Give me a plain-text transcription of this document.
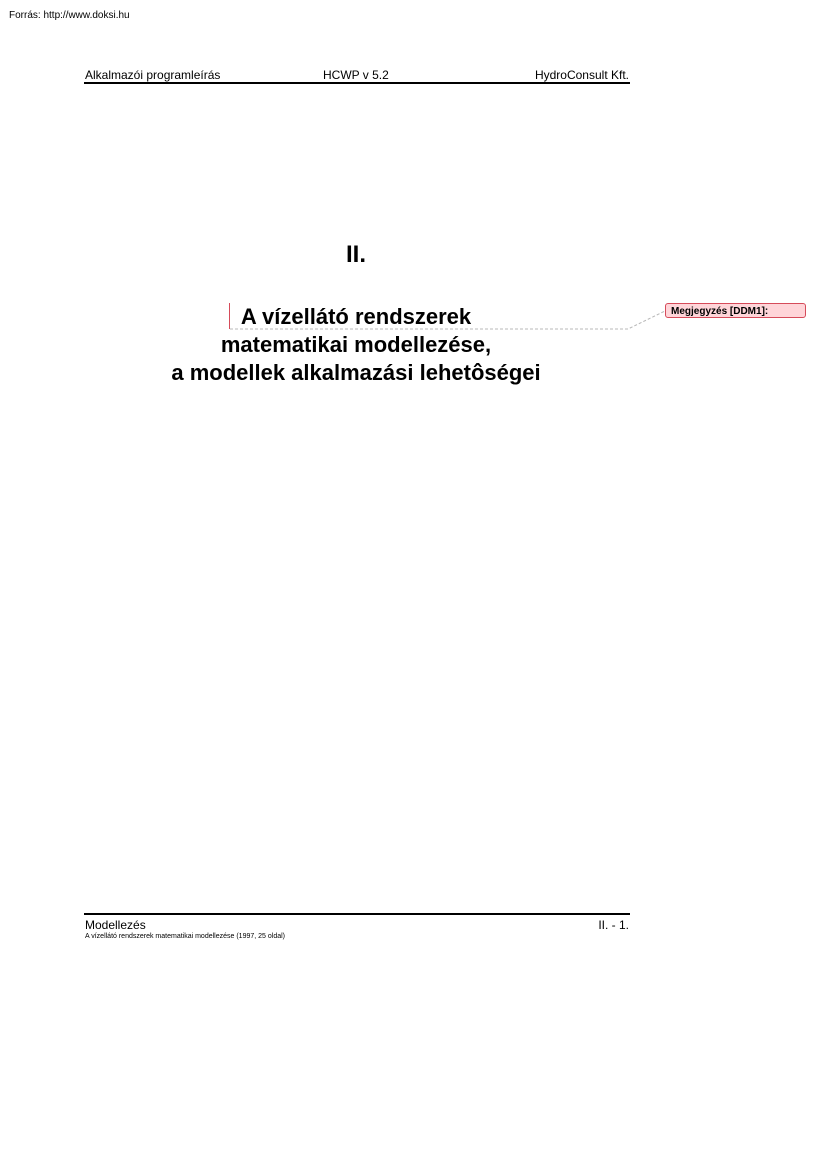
Forrás: http://www.doksi.hu
Alkalmazói programleírás	HCWP v 5.2	HydroConsult Kft.
II.
A vízellátó rendszerek
matematikai modellezése,
a modellek alkalmazási lehetôségei
Megjegyzés [DDM1]:
Modellezés	II. - 1.
A vízellátó rendszerek matematikai modellezése (1997, 25 oldal)
